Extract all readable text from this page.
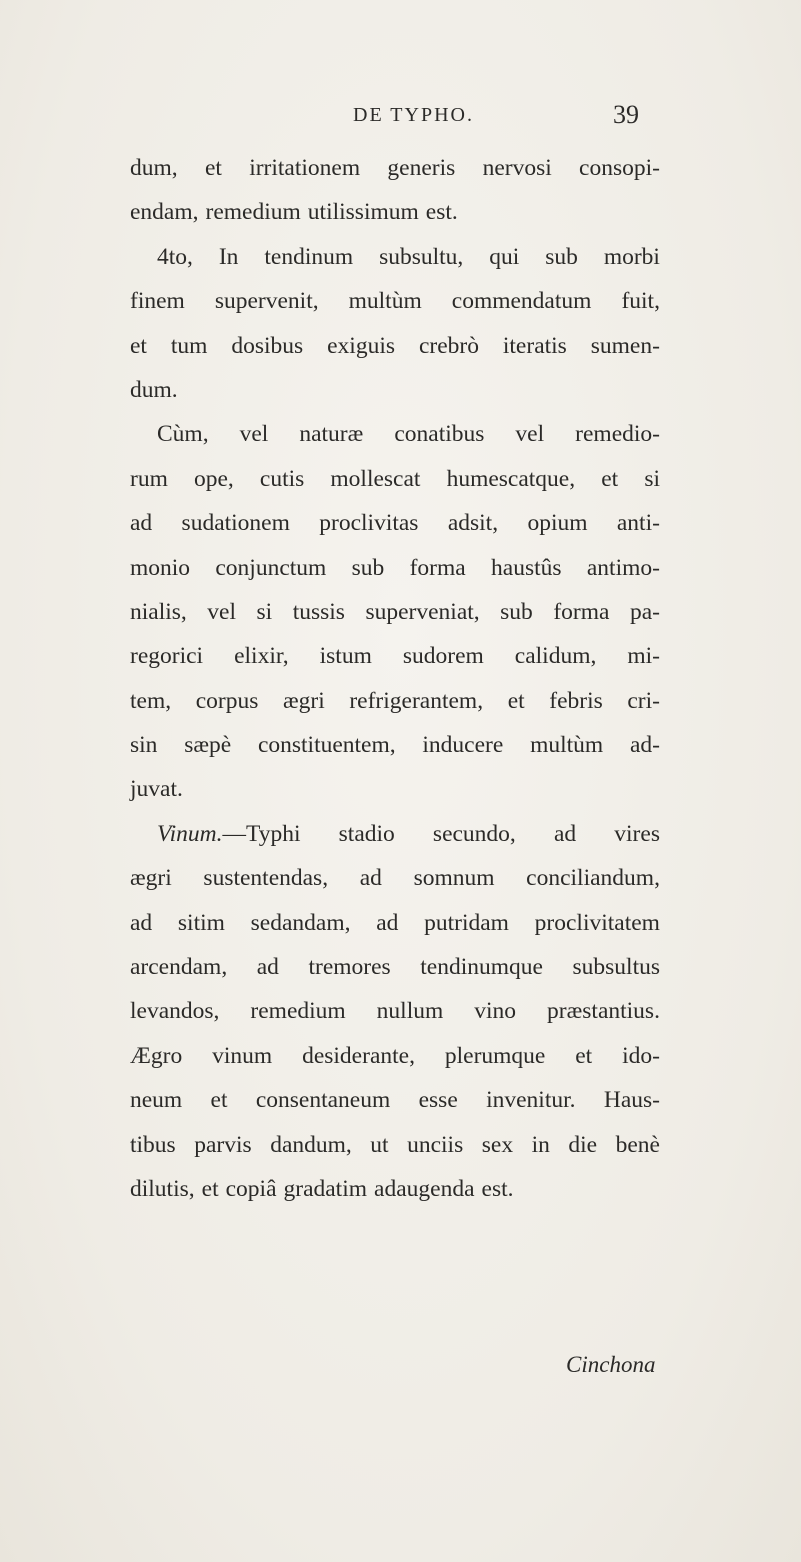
DE TYPHO.	39
dum, et irritationem generis nervosi consopi-
endam, remedium utilissimum est.
4to, In tendinum subsultu, qui sub morbi
finem supervenit, multùm commendatum fuit,
et tum dosibus exiguis crebrò iteratis sumen-
dum.
Cùm, vel naturæ conatibus vel remedio-
rum ope, cutis mollescat humescatque, et si
ad sudationem proclivitas adsit, opium anti-
monio conjunctum sub forma haustûs antimo-
nialis, vel si tussis superveniat, sub forma pa-
regorici elixir, istum sudorem calidum, mi-
tem, corpus ægri refrigerantem, et febris cri-
sin sæpè constituentem, inducere multùm ad-
juvat.
Vinum.—Typhi stadio secundo, ad vires
ægri sustentendas, ad somnum conciliandum,
ad sitim sedandam, ad putridam proclivitatem
arcendam, ad tremores tendinumque subsultus
levandos, remedium nullum vino præstantius.
Ægro vinum desiderante, plerumque et ido-
neum et consentaneum esse invenitur. Haus-
tibus parvis dandum, ut unciis sex in die benè
dilutis, et copiâ gradatim adaugenda est.
Cinchona
